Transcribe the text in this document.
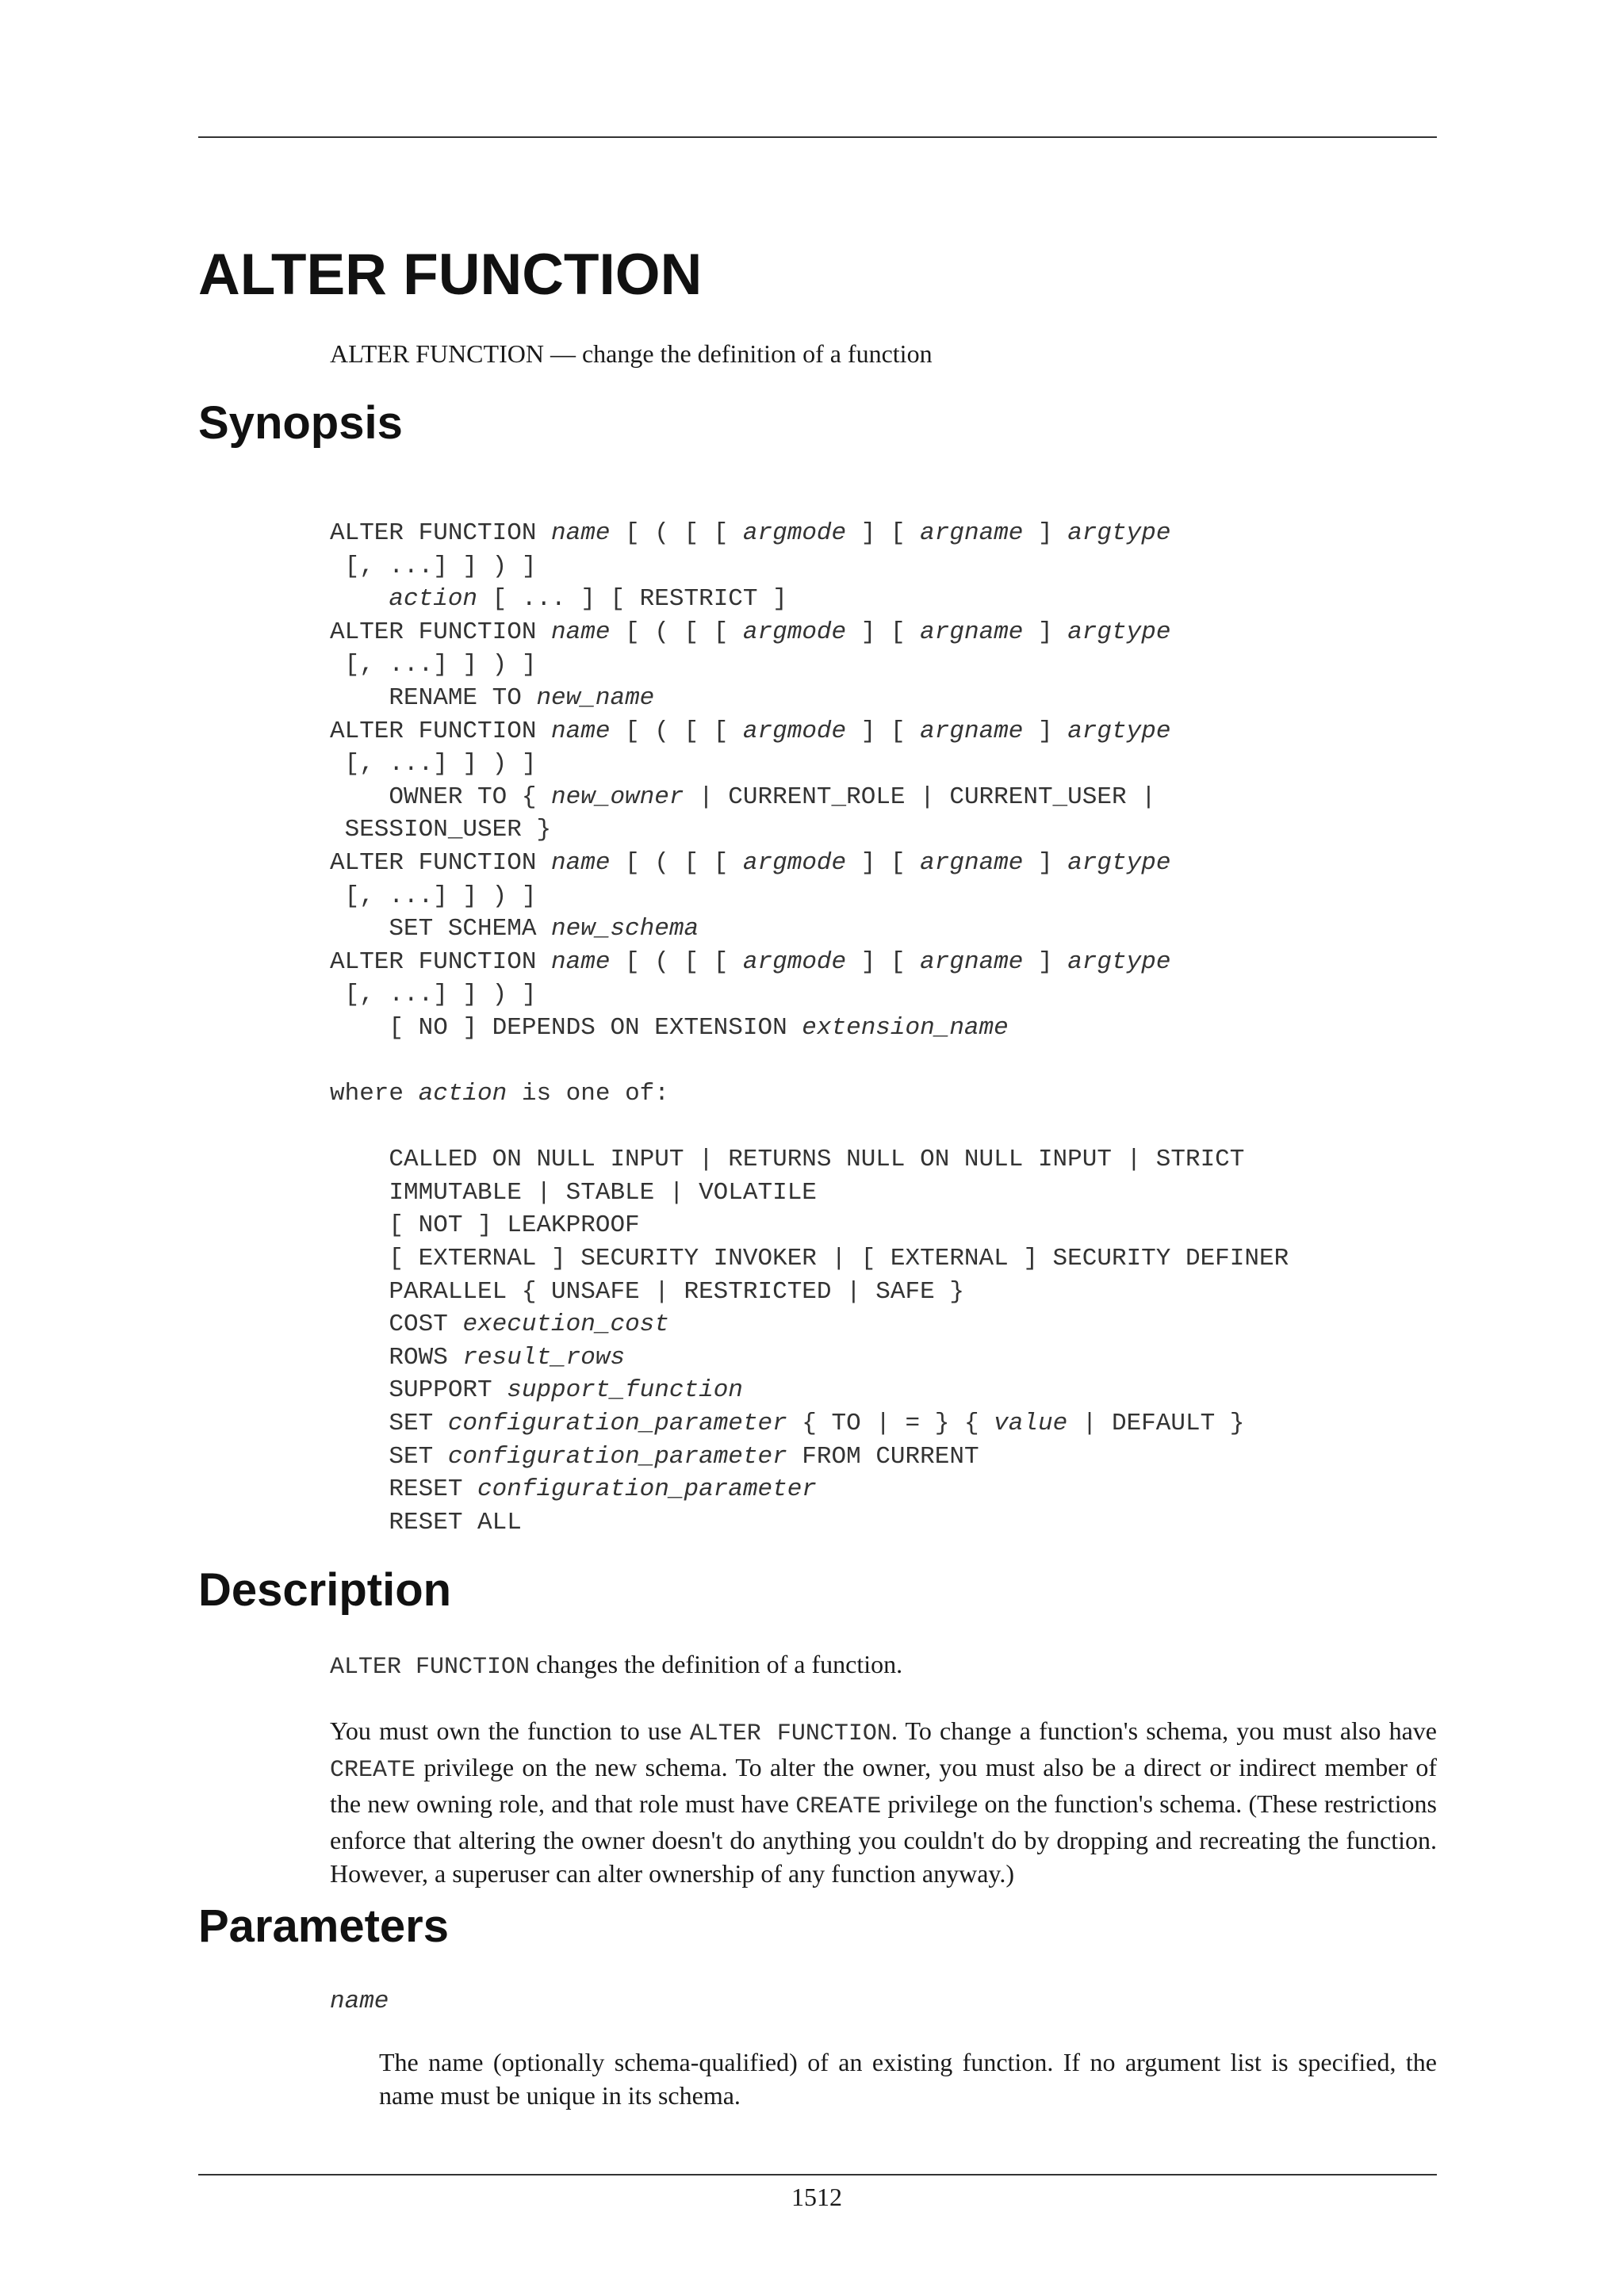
ALTER FUNCTION

ALTER FUNCTION — change the definition of a function

Synopsis
ALTER FUNCTION name [ ( [ [ argmode ] [ argname ] argtype
[, ...] ] ) ]
action [ ... ] [ RESTRICT ]
ALTER FUNCTION name [ ( [ [ argmode ] [ argname ] argtype
[, ...] ] ) ]
RENAME TO new_name
ALTER FUNCTION name [ ( [ [ argmode ] [ argname ] argtype
[, ...] ] ) ]
OWNER TO { new_owner | CURRENT_ROLE | CURRENT_USER |
SESSION_USER }
ALTER FUNCTION name [ ( [ [ argmode ] [ argname ] argtype
[, ...] ] ) ]
SET SCHEMA new_schema
ALTER FUNCTION name [ ( [ [ argmode ] [ argname ] argtype
[, ...] ] ) ]
[ NO ] DEPENDS ON EXTENSION extension_name
where action is one of:
CALLED ON NULL INPUT | RETURNS NULL ON NULL INPUT | STRICT
IMMUTABLE | STABLE | VOLATILE
[ NOT ] LEAKPROOF
[ EXTERNAL ] SECURITY INVOKER | [ EXTERNAL ] SECURITY DEFINER
PARALLEL { UNSAFE | RESTRICTED | SAFE }
COST execution_cost
ROWS result_rows
SUPPORT support_function
SET configuration_parameter { TO | = } { value | DEFAULT }
SET configuration_parameter FROM CURRENT
RESET configuration_parameter
RESET ALL
Description

ALTER FUNCTION changes the definition of a function.

You must own the function to use ALTER FUNCTION. To change a function's schema, you must also have CREATE privilege on the new schema. To alter the owner, you must also be a direct or indirect member of the new owning role, and that role must have CREATE privilege on the function's schema. (These restrictions enforce that altering the owner doesn't do anything you couldn't do by dropping and recreating the function. However, a superuser can alter ownership of any function anyway.)

Parameters

name

The name (optionally schema-qualified) of an existing function. If no argument list is specified, the name must be unique in its schema.

1512
